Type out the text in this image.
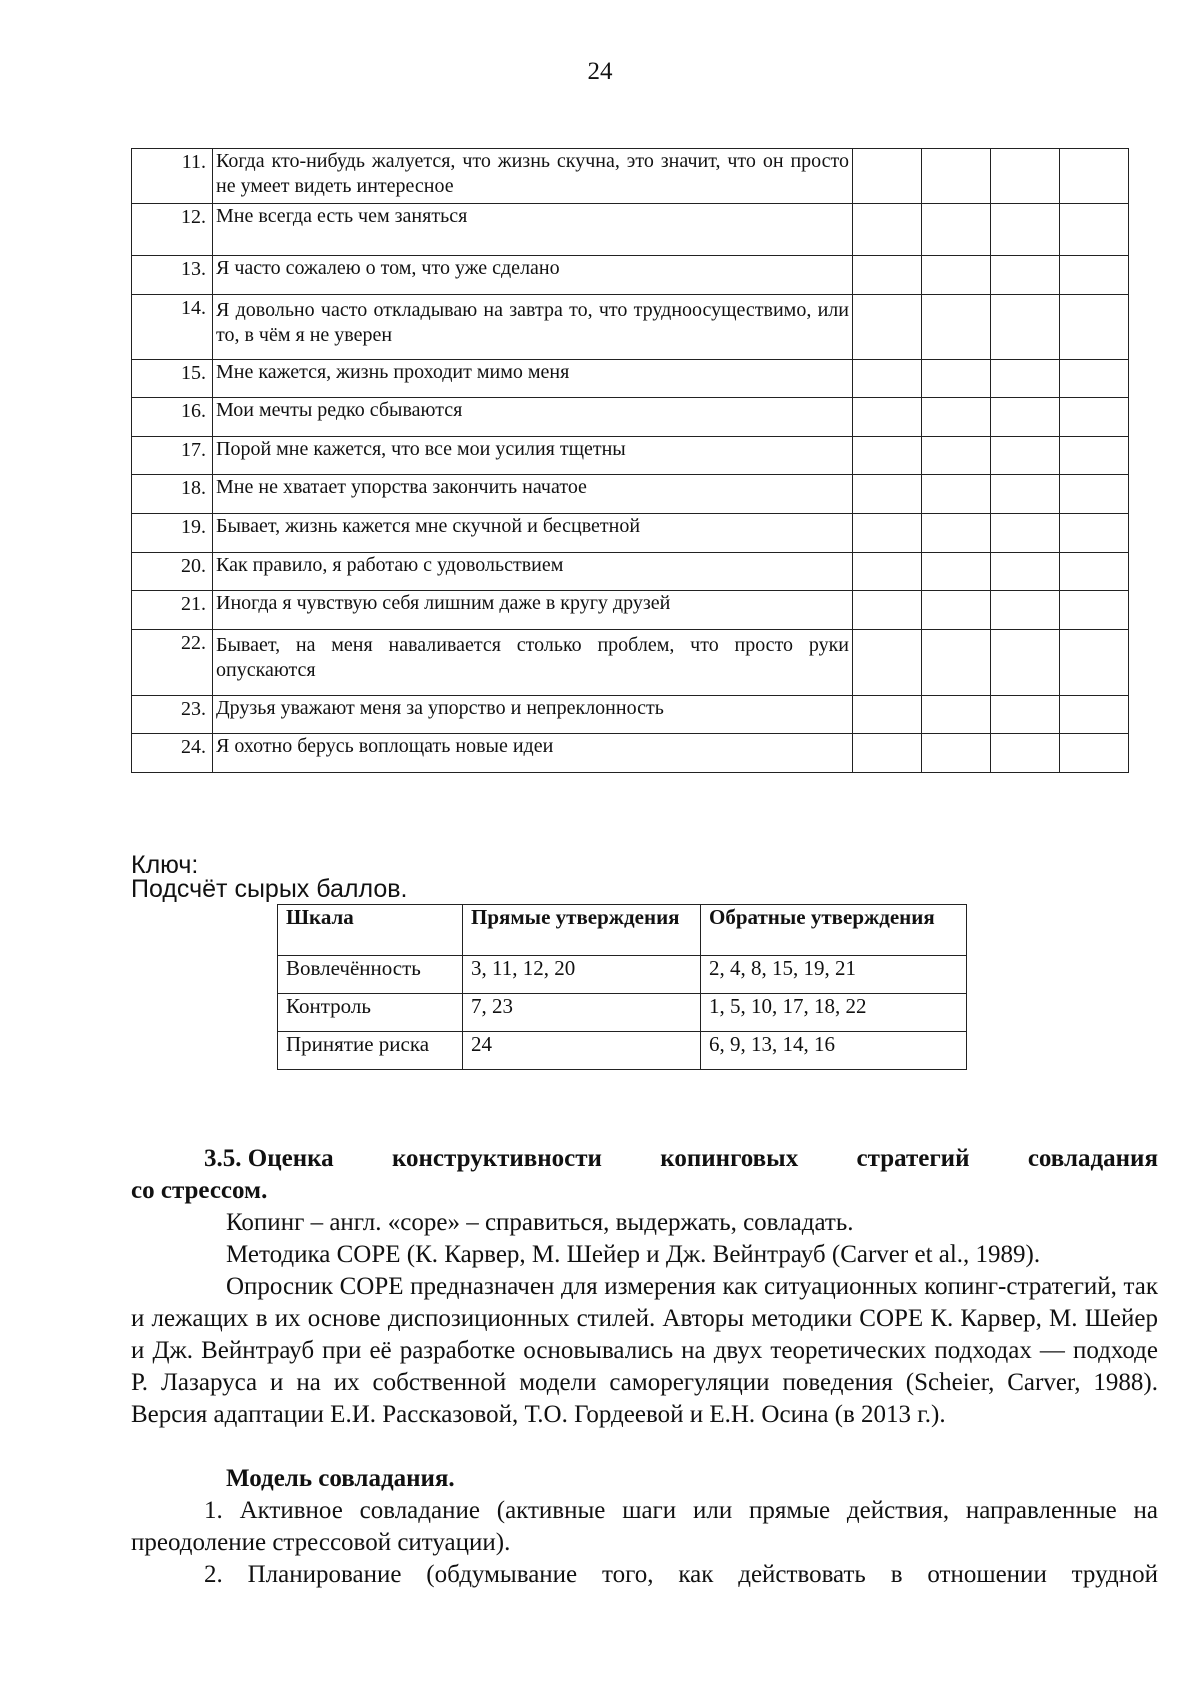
24
11.	Когда кто-нибудь жалуется, что жизнь скучна, это значит, что он просто не умеет видеть интересное				
12.	Мне всегда есть чем заняться				
13.	Я часто сожалею о том, что уже сделано				
14.	Я довольно часто откладываю на завтра то, что трудноосуществимо, или то, в чём я не уверен				
15.	Мне кажется, жизнь проходит мимо меня				
16.	Мои мечты редко сбываются				
17.	Порой мне кажется, что все мои усилия тщетны				
18.	Мне не хватает упорства закончить начатое				
19.	Бывает, жизнь кажется мне скучной и бесцветной				
20.	Как правило, я работаю с удовольствием				
21.	Иногда я чувствую себя лишним даже в кругу друзей				
22.	Бывает, на меня наваливается столько проблем, что просто руки опускаются				
23.	Друзья уважают меня за упорство и непреклонность				
24.	Я охотно берусь воплощать новые идеи				
Ключ:
Подсчёт сырых баллов.
Шкала	Прямые утверждения	Обратные утверждения
Вовлечённость	3, 11, 12, 20	2, 4, 8, 15, 19, 21
Контроль	7, 23	1, 5, 10, 17, 18, 22
Принятие риска	24	6, 9, 13, 14, 16
3.5. Оценка конструктивности копинговых стратегий совладания
со стрессом.
Копинг – англ. «cope» – справиться, выдержать, совладать.
Методика COPE (К. Карвер, М. Шейер и Дж. Вейнтрауб (Carver et al., 1989).
Опросник COPE предназначен для измерения как ситуационных копинг-стратегий, так и лежащих в их основе диспозиционных стилей. Авторы методики COPE К. Карвер, М. Шейер и Дж. Вейнтрауб при её разработке основывались на двух теоретических подходах — подходе Р. Лазаруса и на их собственной модели саморегуляции поведения (Scheier, Carver, 1988). Версия адаптации Е.И. Рассказовой, Т.О. Гордеевой и Е.Н. Осина (в 2013 г.).
Модель совладания.
1. Активное совладание (активные шаги или прямые действия, направленные на преодоление стрессовой ситуации).
2. Планирование (обдумывание того, как действовать в отношении трудной
